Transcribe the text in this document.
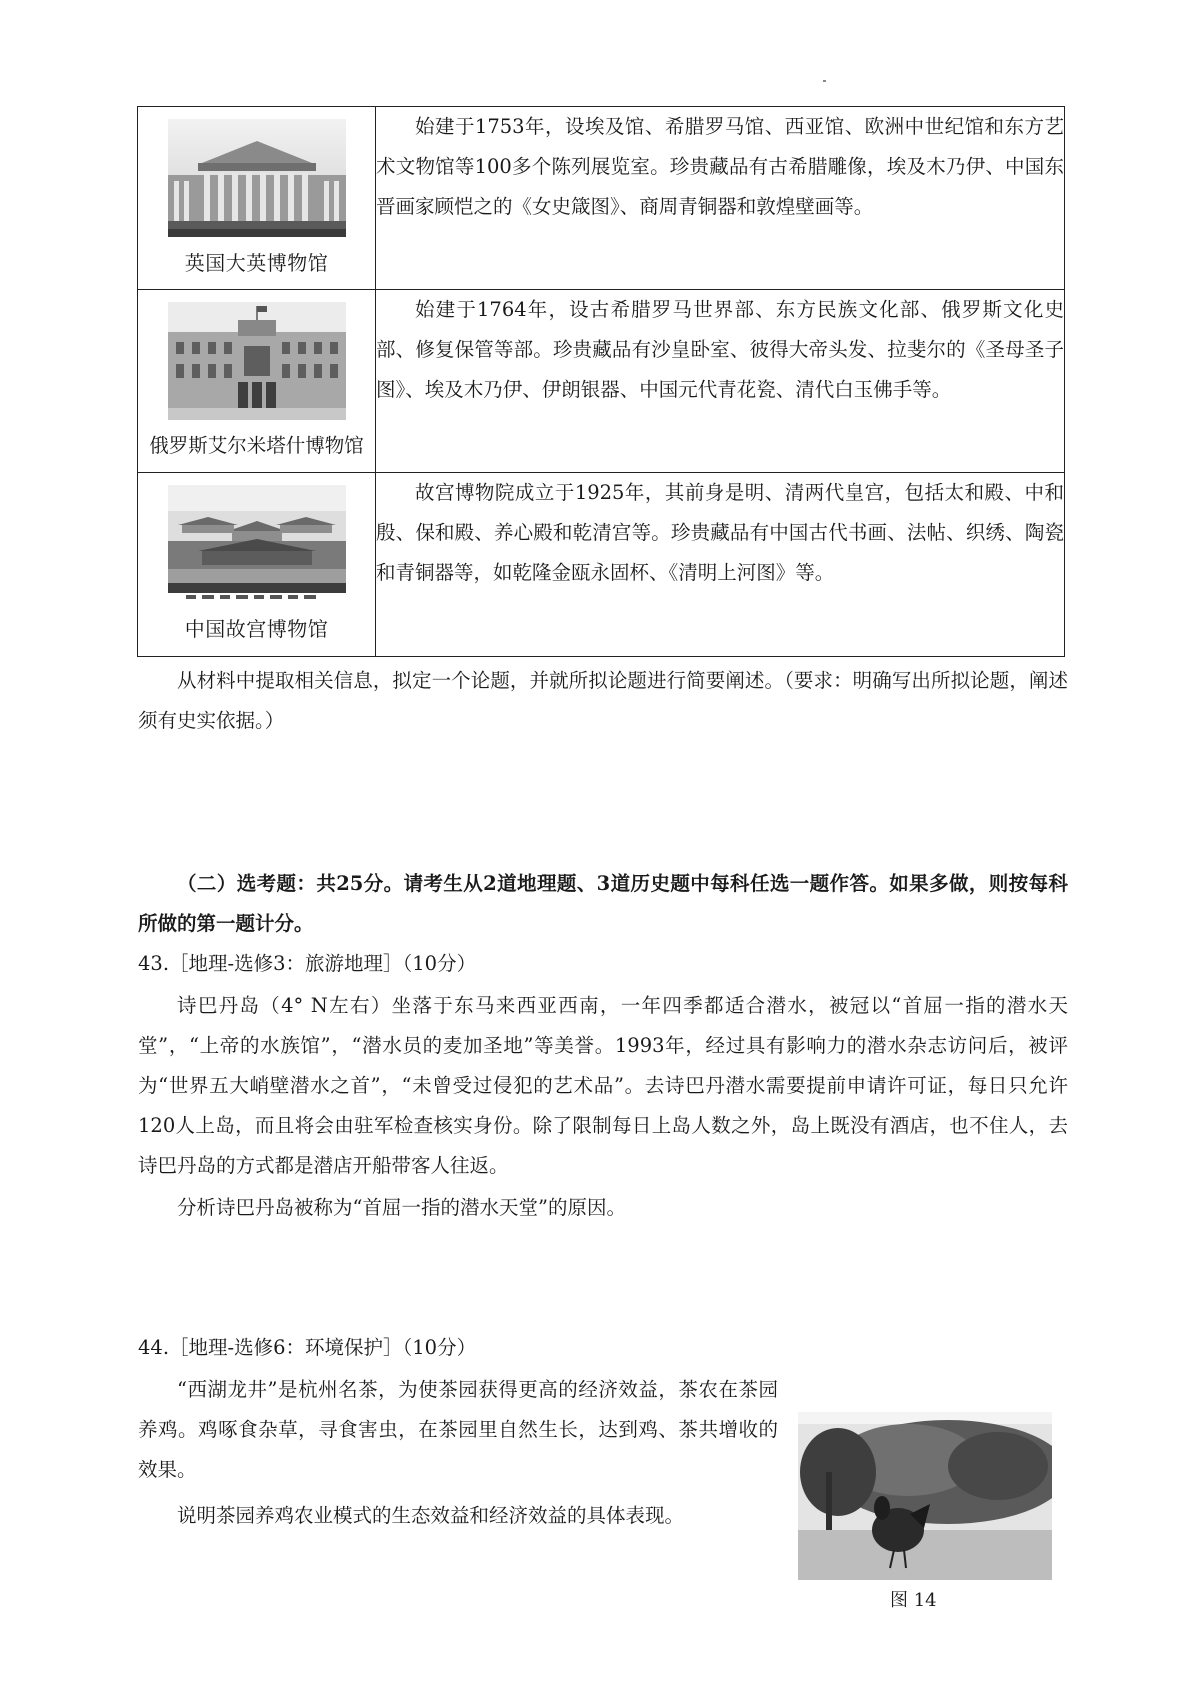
英国大英博物馆	始建于1753年，设埃及馆、希腊罗马馆、西亚馆、欧洲中世纪馆和东方艺术文物馆等100多个陈列展览室。珍贵藏品有古希腊雕像，埃及木乃伊、中国东晋画家顾恺之的《女史箴图》、商周青铜器和敦煌壁画等。

俄罗斯艾尔米塔什博物馆	始建于1764年，设古希腊罗马世界部、东方民族文化部、俄罗斯文化史部、修复保管等部。珍贵藏品有沙皇卧室、彼得大帝头发、拉斐尔的《圣母圣子图》、埃及木乃伊、伊朗银器、中国元代青花瓷、清代白玉佛手等。

中国故宫博物馆	故宫博物院成立于1925年，其前身是明、清两代皇宫，包括太和殿、中和殷、保和殿、养心殿和乾清宫等。珍贵藏品有中国古代书画、法帖、织绣、陶瓷和青铜器等，如乾隆金瓯永固杯、《清明上河图》等。
从材料中提取相关信息，拟定一个论题，并就所拟论题进行简要阐述。（要求：明确写出所拟论题，阐述须有史实依据。）
（二）选考题：共25分。请考生从2道地理题、3道历史题中每科任选一题作答。如果多做，则按每科所做的第一题计分。
43.［地理-选修3：旅游地理］（10分）
诗巴丹岛（4° N左右）坐落于东马来西亚西南，一年四季都适合潜水，被冠以“首屈一指的潜水天堂”，“上帝的水族馆”，“潜水员的麦加圣地”等美誉。1993年，经过具有影响力的潜水杂志访问后，被评为“世界五大峭壁潜水之首”，“未曾受过侵犯的艺术品”。去诗巴丹潜水需要提前申请许可证，每日只允许120人上岛，而且将会由驻军检查核实身份。除了限制每日上岛人数之外，岛上既没有酒店，也不住人，去诗巴丹岛的方式都是潜店开船带客人往返。
分析诗巴丹岛被称为“首屈一指的潜水天堂”的原因。
44.［地理-选修6：环境保护］（10分）
“西湖龙井”是杭州名茶，为使茶园获得更高的经济效益，茶农在茶园养鸡。鸡啄食杂草，寻食害虫，在茶园里自然生长，达到鸡、茶共增收的效果。
说明茶园养鸡农业模式的生态效益和经济效益的具体表现。
图 14
